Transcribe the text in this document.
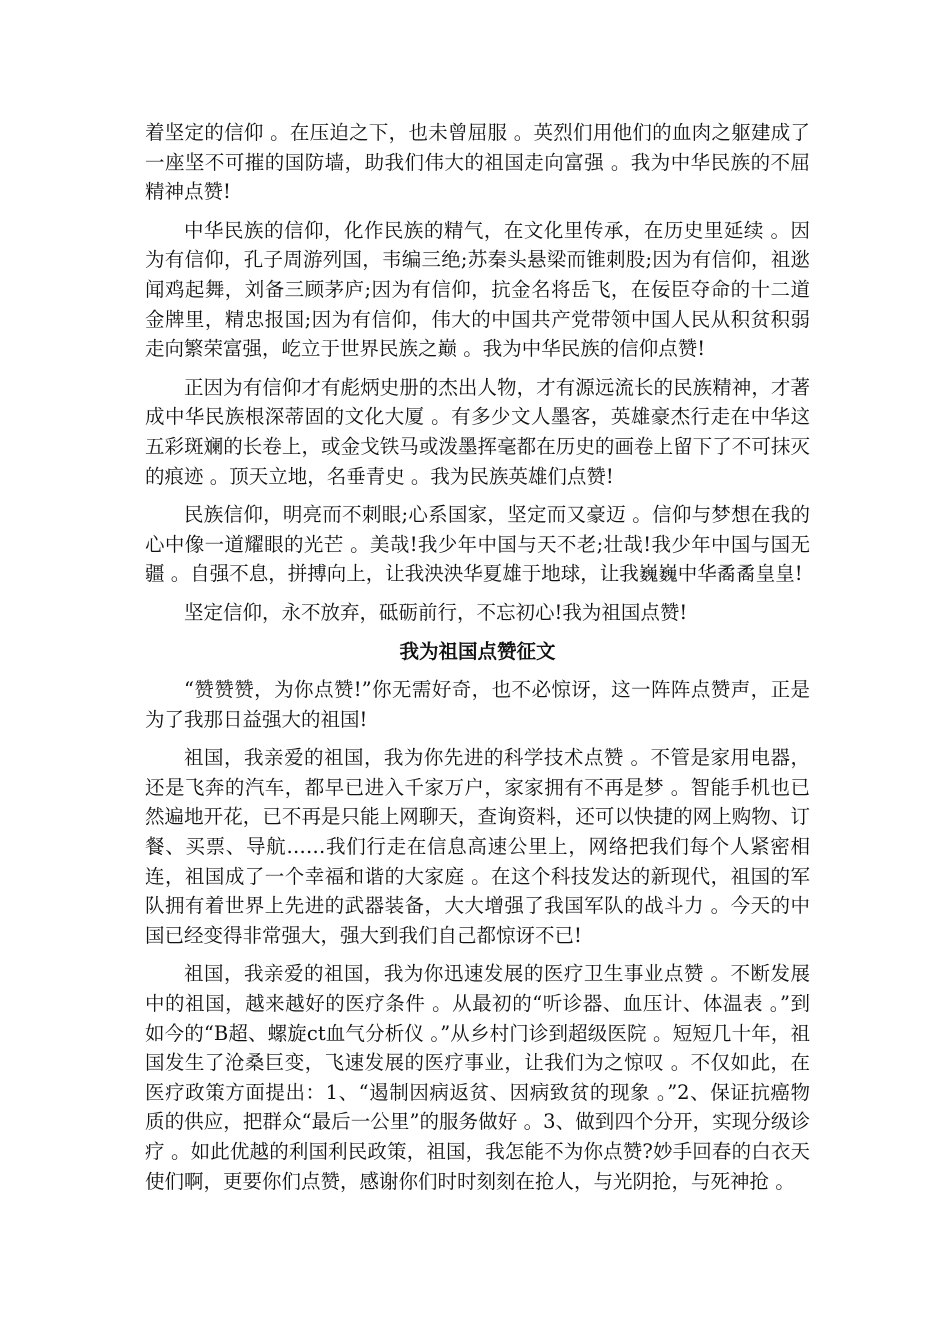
着坚定的信仰 。在压迫之下，也未曾屈服 。英烈们用他们的血肉之躯建成了一座坚不可摧的国防墙，助我们伟大的祖国走向富强 。我为中华民族的不屈精神点赞!

中华民族的信仰，化作民族的精气，在文化里传承，在历史里延续 。因为有信仰，孔子周游列国，韦编三绝;苏秦头悬梁而锥刺股;因为有信仰，祖逖闻鸡起舞，刘备三顾茅庐;因为有信仰，抗金名将岳飞，在佞臣夺命的十二道金牌里，精忠报国;因为有信仰，伟大的中国共产党带领中国人民从积贫积弱走向繁荣富强，屹立于世界民族之巅 。我为中华民族的信仰点赞!

正因为有信仰才有彪炳史册的杰出人物，才有源远流长的民族精神，才著成中华民族根深蒂固的文化大厦 。有多少文人墨客，英雄豪杰行走在中华这五彩斑斓的长卷上，或金戈铁马或泼墨挥毫都在历史的画卷上留下了不可抹灭的痕迹 。顶天立地，名垂青史 。我为民族英雄们点赞!

民族信仰，明亮而不刺眼;心系国家，坚定而又豪迈 。信仰与梦想在我的心中像一道耀眼的光芒 。美哉!我少年中国与天不老;壮哉!我少年中国与国无疆 。自强不息，拼搏向上，让我泱泱华夏雄于地球，让我巍巍中华矞矞皇皇!

坚定信仰，永不放弃，砥砺前行，不忘初心!我为祖国点赞!

我为祖国点赞征文

“赞赞赞，为你点赞!”你无需好奇，也不必惊讶，这一阵阵点赞声，正是为了我那日益强大的祖国!

祖国，我亲爱的祖国，我为你先进的科学技术点赞 。不管是家用电器，还是飞奔的汽车，都早已进入千家万户，家家拥有不再是梦 。智能手机也已然遍地开花，已不再是只能上网聊天，查询资料，还可以快捷的网上购物、订餐、买票、导航……我们行走在信息高速公里上，网络把我们每个人紧密相连，祖国成了一个幸福和谐的大家庭 。在这个科技发达的新现代，祖国的军队拥有着世界上先进的武器装备，大大增强了我国军队的战斗力 。今天的中国已经变得非常强大，强大到我们自己都惊讶不已!

祖国，我亲爱的祖国，我为你迅速发展的医疗卫生事业点赞 。不断发展中的祖国，越来越好的医疗条件 。从最初的“听诊器、血压计、体温表 。”到如今的“B超、螺旋ct血气分析仪 。”从乡村门诊到超级医院 。短短几十年，祖国发生了沧桑巨变，飞速发展的医疗事业，让我们为之惊叹 。不仅如此，在医疗政策方面提出：1、“遏制因病返贫、因病致贫的现象 。”2、保证抗癌物质的供应，把群众“最后一公里”的服务做好 。3、做到四个分开，实现分级诊疗 。如此优越的利国利民政策，祖国，我怎能不为你点赞?妙手回春的白衣天使们啊，更要你们点赞，感谢你们时时刻刻在抢人，与光阴抢，与死神抢 。
